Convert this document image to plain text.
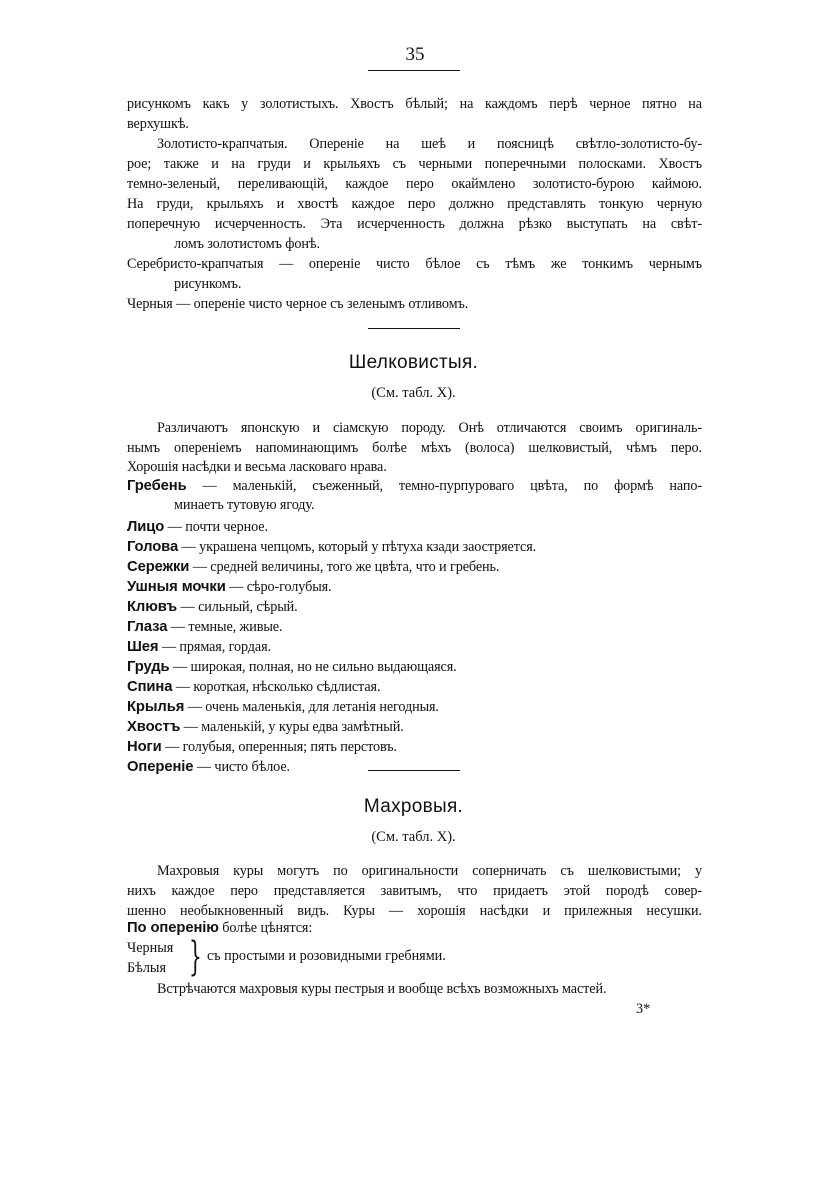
35
рисункомъ какъ у золотистыхъ. Хвостъ бѣлый; на каждомъ перѣ черное пятно на
верхушкѣ.
Золотисто-крапчатыя. Опереніе на шеѣ и поясницѣ свѣтло-золотисто-бу-
рое; также и на груди и крыльяхъ съ черными поперечными полосками. Хвостъ
темно-зеленый, переливающій, каждое перо окаймлено золотисто-бурою каймою.
На груди, крыльяхъ и хвостѣ каждое перо должно представлять тонкую черную
поперечную исчерченность. Эта исчерченность должна рѣзко выступать на свѣт-
ломъ золотистомъ фонѣ.
Серебристо-крапчатыя — опереніе чисто бѣлое съ тѣмъ же тонкимъ чернымъ
рисункомъ.
Черныя — опереніе чисто черное съ зеленымъ отливомъ.
Шелковистыя.
(См. табл. X).
Различаютъ японскую и сіамскую породу. Онѣ отличаются своимъ оригиналь-
нымъ опереніемъ напоминающимъ болѣе мѣхъ (волоса) шелковистый, чѣмъ перо.
Хорошія насѣдки и весьма ласковаго нрава.
Гребень — маленькій, съеженный, темно-пурпуроваго цвѣта, по формѣ напо-
минаетъ тутовую ягоду.
Лицо — почти черное.
Голова — украшена чепцомъ, который у пѣтуха кзади заостряется.
Сережки — средней величины, того же цвѣта, что и гребень.
Ушныя мочки — сѣро-голубыя.
Клювъ — сильный, сѣрый.
Глаза — темные, живые.
Шея — прямая, гордая.
Грудь — широкая, полная, но не сильно выдающаяся.
Спина — короткая, нѣсколько сѣдлистая.
Крылья — очень маленькія, для летанія негодныя.
Хвостъ — маленькій, у куры едва замѣтный.
Ноги — голубыя, оперенныя; пять перстовъ.
Опереніе — чисто бѣлое.
Махровыя.
(См. табл. X).
Махровыя куры могутъ по оригинальности соперничать съ шелковистыми; у
нихъ каждое перо представляется завитымъ, что придаетъ этой породѣ совер-
шенно необыкновенный видъ. Куры — хорошія насѣдки и прилежныя несушки.
По оперенію болѣе цѣнятся:
Черныя
Бѣлыя } съ простыми и розовидными гребнями.
Встрѣчаются махровыя куры пестрыя и вообще всѣхъ возможныхъ мастей.
3*
